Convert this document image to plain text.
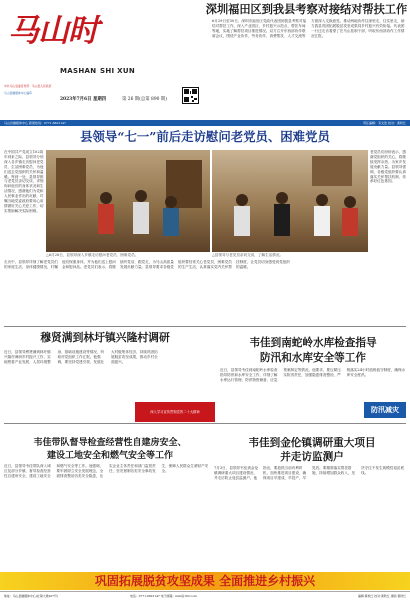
马山时
MASHAN SHI XUN
中共马山县委宣传部 · 马山县人民政府
马山县融媒体中心编印
2023年7月6日 星期四	第 26 期(总第 890 期)
深圳福田区到我县考察对接结对帮扶工作
6月29日至30日，深圳市福田区党政代表团到我县考察对接结对帮扶工作，深入产业园区、乡村振兴示范点、帮扶车间等地，实地了解帮扶项目推进情况。双方召开东西部协作联席会议，围绕产业协作、劳务协作、消费帮扶、人才交流等方面深入交换意见，推动两地协作往深里走、往实里走，助力我县巩固拓展脱贫攻坚成果同乡村振兴有效衔接。代表团一行还走访看望了在马山挂职干部，听取东西部协作工作情况汇报。
马山县融媒体中心 新闻热线：0771-6822147	责任编辑：韦文浩 校对：黄秋红
县领导“七一”前后走访慰问老党员、困难党员
在中国共产党成立102周年到来之际，县领导分别深入各乡镇走访慰问老党员、生活困难党员，为他们送去党组织的关怀和温暖。每到一处，县领导都与老党员亲切交谈，详细询问他们的身体状况和生活情况，感谢他们为党和人民事业作出的贡献，叮嘱当地党委政府要用心用情做好关心关爱工作，切实帮助解决实际困难。
老党员们纷纷表示，感谢党组织的关心，将继续发挥余热，为家乡发展贡献力量。县领导强调，各级党组织要认真落实关怀帮扶机制，传承好红色基因。
△6月28日，县领导深入乡镇走访慰问老党员、困难党员。	△县领导与老党员亲切交谈，了解生活情况。
走访中，县领导详细了解老党员们的家庭生活、身体健康情况，叮嘱他们保重身体，并为他们送上慰问金和慰问品。老党员们表示，将继续听党话、跟党走，为马山高质量发展贡献力量。县领导要求各级党组织要经常关心老党员、困难党员的生产生活，认真落实党内关怀帮扶制度，让党员切身感受到党组织的温暖。
穆贤满到林圩镇兴隆村调研
近日，县领导穆贤满到林圩镇兴隆村调研乡村振兴工作，实地察看产业发展、人居环境整治、基础设施建设等情况，听取村党组织工作汇报。他强调，要坚持党建引领，发展壮大村级集体经济，持续巩固拓展脱贫攻坚成果，推动乡村全面振兴。
深入学习宣传贯彻党的二十大精神
韦佳到南蛇岭水库检查指导
防汛和水库安全等工作
近日，县领导韦佳到南蛇岭水库检查指导防汛和水库安全工作，详细了解水库运行管理、防汛物资储备、应急预案制定等情况。他要求，要压紧压实防汛责任，加强隐患排查整治，严格落实24小时值班值守制度，确保水库安全度汛。
防汛减灾
韦佳带队督导检查经营性自建房安全、
建设工地安全和燃气安全等工作
近日，县领导韦佳带队深入城区及部分乡镇，督导检查经营性自建房安全、建设工地安全和燃气安全等工作。他强调，要牢固树立安全发展理念，全面排查整治各类安全隐患，压实企业主体责任和部门监管责任，坚决遏制各类安全事故发生，保障人民群众生命财产安全。
韦佳到金伦镇调研重大项目
并走访监测户
7月3日，县领导韦佳到金伦镇调研重大项目建设情况，并走访防止返贫监测户。他指出，要抢抓当前有利时机，加快推进项目建设，确保项目早建成、早投产、早见效。要精准落实帮扶措施，持续增加群众收入，坚决守住不发生规模性返贫底线。
巩固拓展脱贫攻坚成果 全面推进乡村振兴
地址：马山县融媒体中心(壮锦大道207号)	电话：0771-6822147 电子邮箱：msb@163.com	编辑:黄秋红 校对:黄秋红 排版:黄秋红
